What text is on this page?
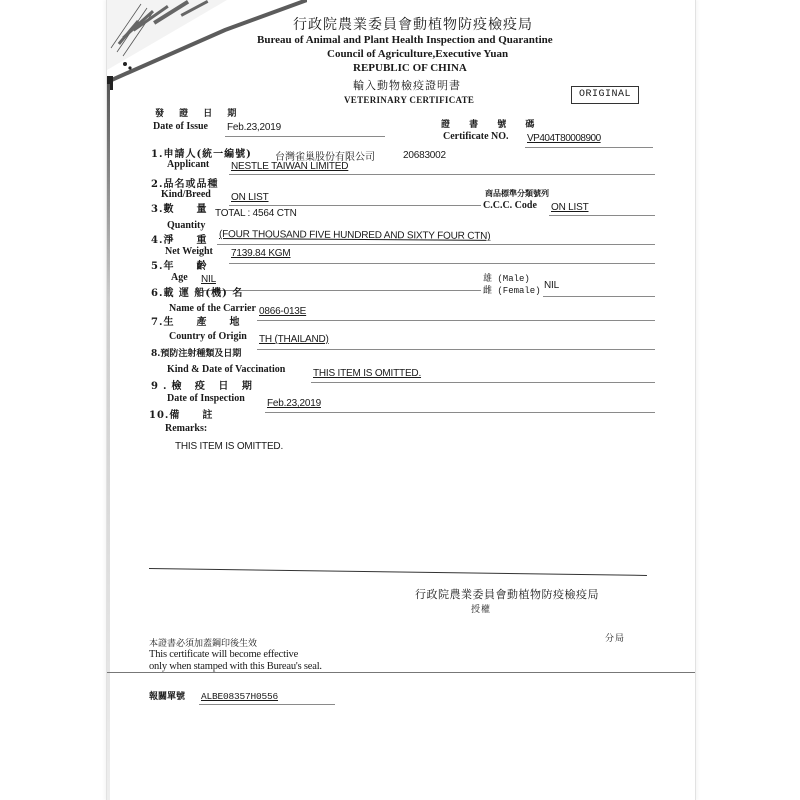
行政院農業委員會動植物防疫檢疫局
Bureau of Animal and Plant Health Inspection and Quarantine
Council of Agriculture,Executive Yuan
REPUBLIC OF CHINA
輸入動物檢疫證明書
VETERINARY CERTIFICATE	ORIGINAL
發 證 日 期
Date of Issue Feb.23,2019	證 書 號 碼
Certificate NO. VP404T80008900
1.申請人(統一編號) 台灣雀巢股份有限公司	20683002
Applicant NESTLE TAIWAN LIMITED
2.品名或品種
Kind/Breed ON LIST	商品標準分類號列
C.C.C. Code ON LIST
3.數　　量 TOTAL : 4564 CTN
Quantity
(FOUR THOUSAND FIVE HUNDRED AND SIXTY FOUR CTN)
4.淨　　重
Net Weight 7139.84 KGM
5.年　　齡
Age NIL	雄 (Male)
雌 (Female) NIL
6.載 運 船(機) 名
Name of the Carrier 0866-013E
7.生　　產　　地
Country of Origin TH (THAILAND)
8.預防注射種類及日期
Kind & Date of Vaccination	THIS ITEM IS OMITTED.
9.檢 疫 日 期
Date of Inspection Feb.23,2019
10.備　　註
Remarks:
THIS ITEM IS OMITTED.
行政院農業委員會動植物防疫檢疫局
授權
分局
本證書必須加蓋鋼印後生效
This certificate will become effective
only when stamped with this Bureau's seal.
報關單號 ALBE08357H0556
